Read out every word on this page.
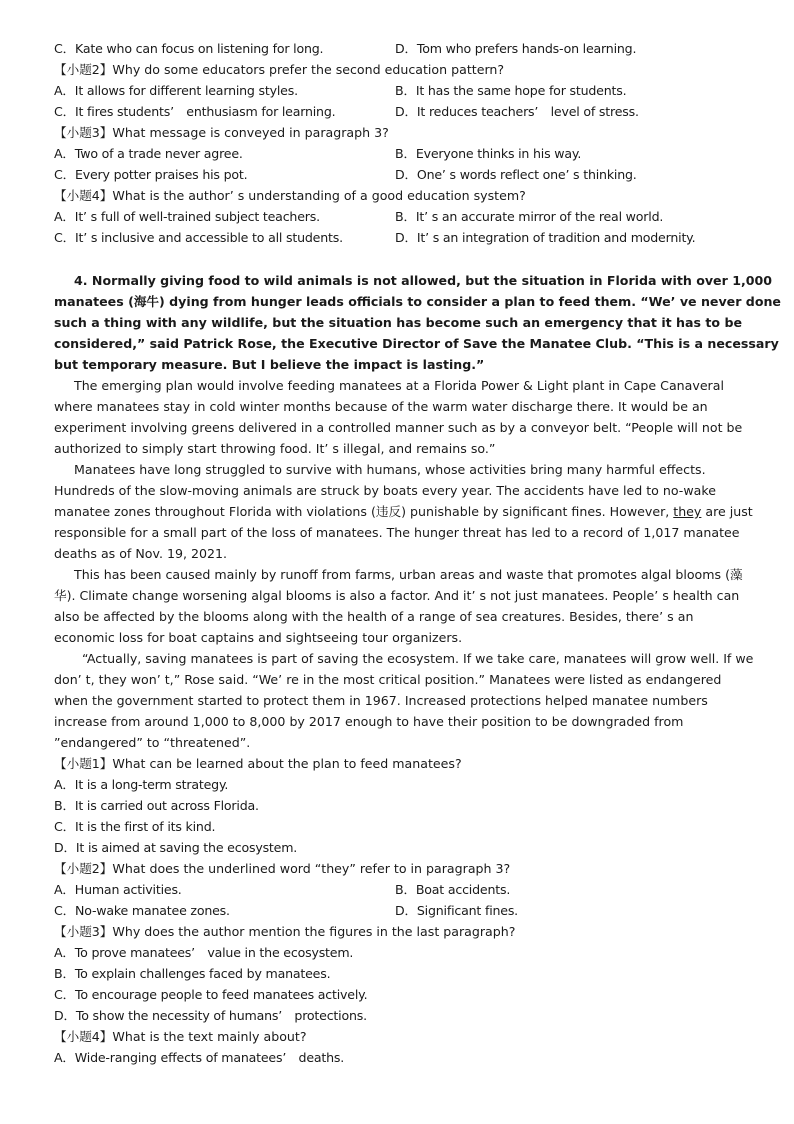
C．Kate who can focus on listening for long.	D．Tom who prefers hands-on learning.
【小题2】Why do some educators prefer the second education pattern?
A．It allows for different learning styles.	B．It has the same hope for students.
C．It fires students’　enthusiasm for learning.	D．It reduces teachers’　level of stress.
【小题3】What message is conveyed in paragraph 3?
A．Two of a trade never agree.	B．Everyone thinks in his way.
C．Every potter praises his pot.	D．One’ s words reflect one’ s thinking.
【小题4】What is the author’ s understanding of a good education system?
A．It’ s full of well-trained subject teachers.	B．It’ s an accurate mirror of the real world.
C．It’ s inclusive and accessible to all students.	D．It’ s an integration of tradition and modernity.
4. Normally giving food to wild animals is not allowed, but the situation in Florida with over 1,000
manatees (海牛) dying from hunger leads officials to consider a plan to feed them. “We’ ve never done
such a thing with any wildlife, but the situation has become such an emergency that it has to be
considered,” said Patrick Rose, the Executive Director of Save the Manatee Club. “This is a necessary
but temporary measure. But I believe the impact is lasting.”
The emerging plan would involve feeding manatees at a Florida Power & Light plant in Cape Canaveral
where manatees stay in cold winter months because of the warm water discharge there. It would be an
experiment involving greens delivered in a controlled manner such as by a conveyor belt. “People will not be
authorized to simply start throwing food. It’ s illegal, and remains so.”
Manatees have long struggled to survive with humans, whose activities bring many harmful effects.
Hundreds of the slow-moving animals are struck by boats every year. The accidents have led to no-wake
manatee zones throughout Florida with violations (违反) punishable by significant fines. However, they are just
responsible for a small part of the loss of manatees. The hunger threat has led to a record of 1,017 manatee
deaths as of Nov. 19, 2021.
This has been caused mainly by runoff from farms, urban areas and waste that promotes algal blooms (藻
华). Climate change worsening algal blooms is also a factor. And it’ s not just manatees. People’ s health can
also be affected by the blooms along with the health of a range of sea creatures. Besides, there’ s an
economic loss for boat captains and sightseeing tour organizers.
“Actually, saving manatees is part of saving the ecosystem. If we take care, manatees will grow well. If we
don’ t, they won’ t,” Rose said. “We’ re in the most critical position.” Manatees were listed as endangered
when the government started to protect them in 1967. Increased protections helped manatee numbers
increase from around 1,000 to 8,000 by 2017 enough to have their position to be downgraded from
”endangered” to “threatened”.
【小题1】What can be learned about the plan to feed manatees?
A．It is a long-term strategy.
B．It is carried out across Florida.
C．It is the first of its kind.
D．It is aimed at saving the ecosystem.
【小题2】What does the underlined word “they” refer to in paragraph 3?
A．Human activities.	B．Boat accidents.
C．No-wake manatee zones.	D．Significant fines.
【小题3】Why does the author mention the figures in the last paragraph?
A．To prove manatees’　value in the ecosystem.
B．To explain challenges faced by manatees.
C．To encourage people to feed manatees actively.
D．To show the necessity of humans’　protections.
【小题4】What is the text mainly about?
A．Wide-ranging effects of manatees’　deaths.
